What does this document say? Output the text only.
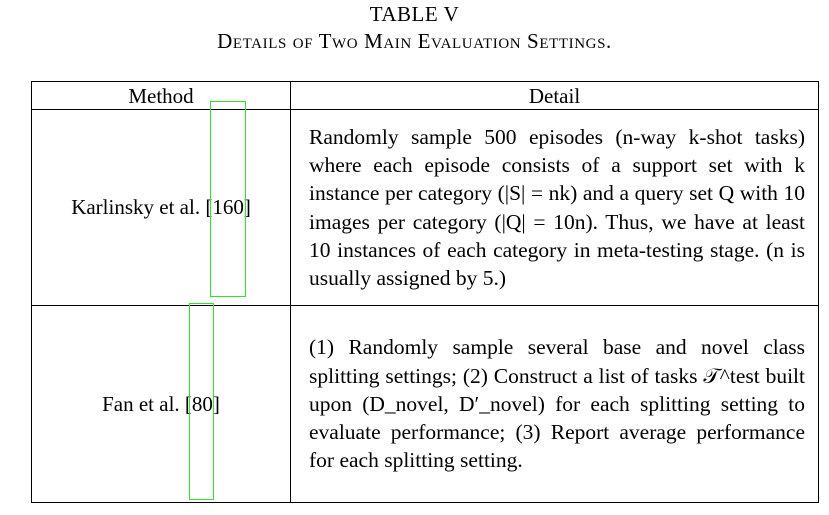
TABLE V
Details of Two Main Evaluation Settings.
Method	Detail
Karlinsky et al. [160]	Randomly sample 500 episodes (n-way k-shot tasks) where each episode consists of a support set with k instance per category (|S| = nk) and a query set Q with 10 images per category (|Q| = 10n). Thus, we have at least 10 instances of each category in meta-testing stage. (n is usually assigned by 5.)
Fan et al. [80]	(1) Randomly sample several base and novel class splitting settings; (2) Construct a list of tasks 𝒯^test built upon (D_novel, D′_novel) for each splitting setting to evaluate performance; (3) Report average performance for each splitting setting.
